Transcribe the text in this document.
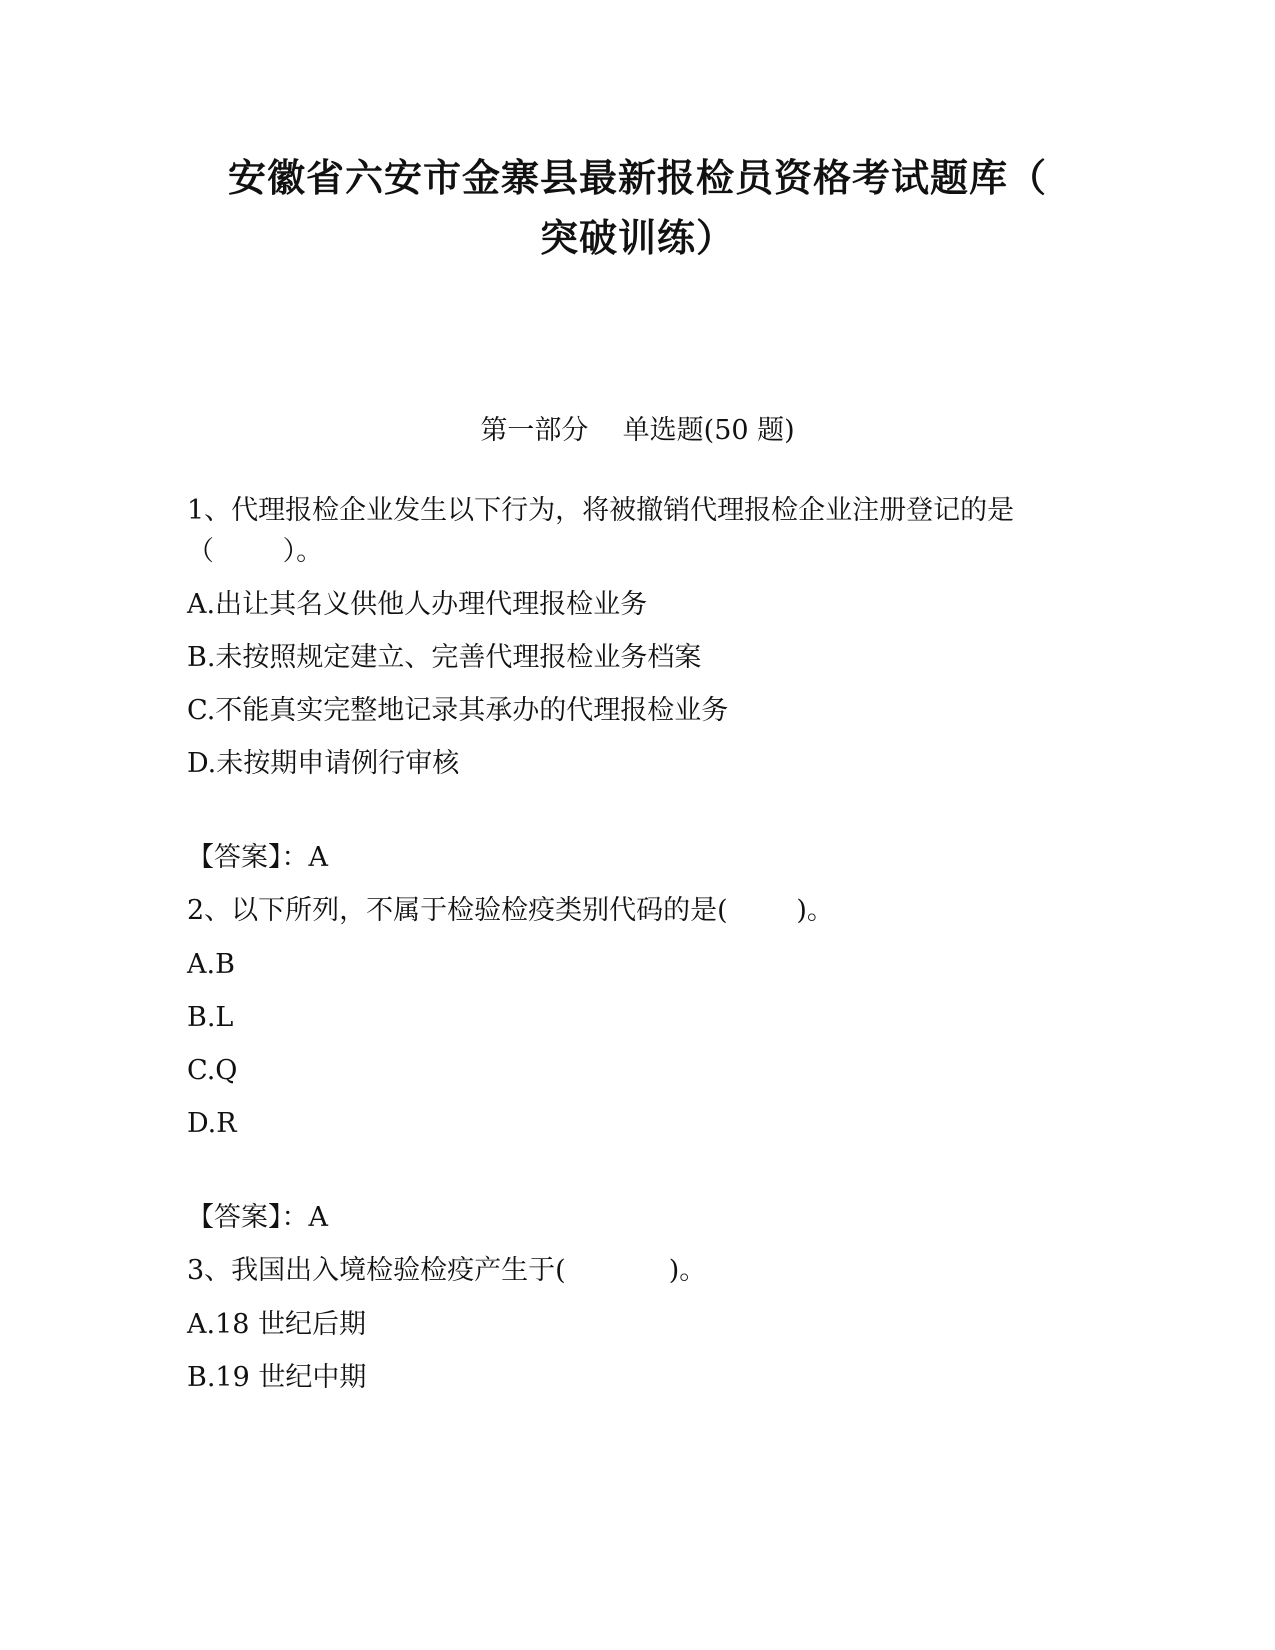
安徽省六安市金寨县最新报检员资格考试题库（
突破训练）
第一部分    单选题(50 题)
1、代理报检企业发生以下行为，将被撤销代理报检企业注册登记的是
（        ）。
A.出让其名义供他人办理代理报检业务
B.未按照规定建立、完善代理报检业务档案
C.不能真实完整地记录其承办的代理报检业务
D.未按期申请例行审核
【答案】：A
2、以下所列，不属于检验检疫类别代码的是(        )。
A.B
B.L
C.Q
D.R
【答案】：A
3、我国出入境检验检疫产生于(            )。
A.18 世纪后期
B.19 世纪中期
